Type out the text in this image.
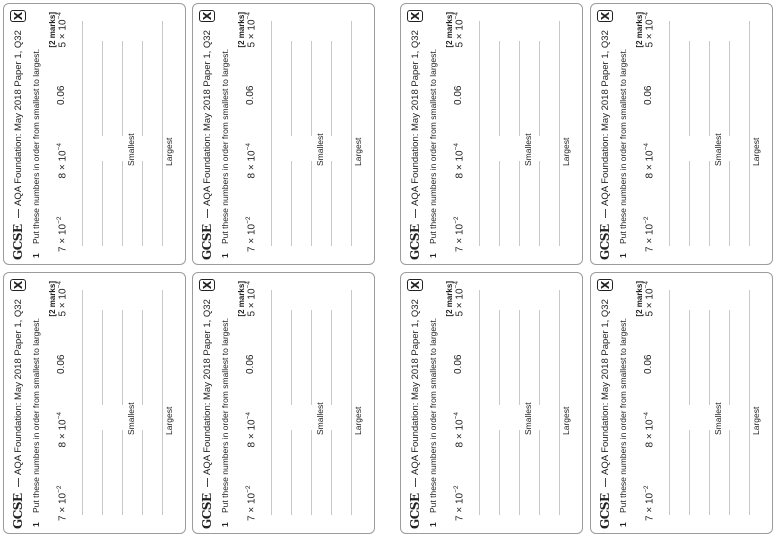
GCSE
AQA Foundation: May 2018 Paper 1, Q32
X
1
Put these numbers in order from smallest to largest.
[2 marks]
$7 \times 10^{-2}$
$8 \times 10^{-4}$
0.06
$5 \times 10^{-4}$
Smallest	Largest
GCSE
AQA Foundation: May 2018 Paper 1, Q32
X
1
Put these numbers in order from smallest to largest.
[2 marks]
$7 \times 10^{-2}$
$8 \times 10^{-4}$
0.06
$5 \times 10^{-4}$
Smallest	Largest
GCSE
AQA Foundation: May 2018 Paper 1, Q32
X
1
Put these numbers in order from smallest to largest.
[2 marks]
$7 \times 10^{-2}$
$8 \times 10^{-4}$
0.06
$5 \times 10^{-4}$
Smallest	Largest
GCSE
AQA Foundation: May 2018 Paper 1, Q32
X
1
Put these numbers in order from smallest to largest.
[2 marks]
$7 \times 10^{-2}$
$8 \times 10^{-4}$
0.06
$5 \times 10^{-4}$
Smallest	Largest
GCSE
AQA Foundation: May 2018 Paper 1, Q32
X
1
Put these numbers in order from smallest to largest.
[2 marks]
$7 \times 10^{-2}$
$8 \times 10^{-4}$
0.06
$5 \times 10^{-4}$
Smallest	Largest
GCSE
AQA Foundation: May 2018 Paper 1, Q32
X
1
Put these numbers in order from smallest to largest.
[2 marks]
$7 \times 10^{-2}$
$8 \times 10^{-4}$
0.06
$5 \times 10^{-4}$
Smallest	Largest
GCSE
AQA Foundation: May 2018 Paper 1, Q32
X
1
Put these numbers in order from smallest to largest.
[2 marks]
$7 \times 10^{-2}$
$8 \times 10^{-4}$
0.06
$5 \times 10^{-4}$
Smallest	Largest
GCSE
AQA Foundation: May 2018 Paper 1, Q32
X
1
Put these numbers in order from smallest to largest.
[2 marks]
$7 \times 10^{-2}$
$8 \times 10^{-4}$
0.06
$5 \times 10^{-4}$
Smallest	Largest
